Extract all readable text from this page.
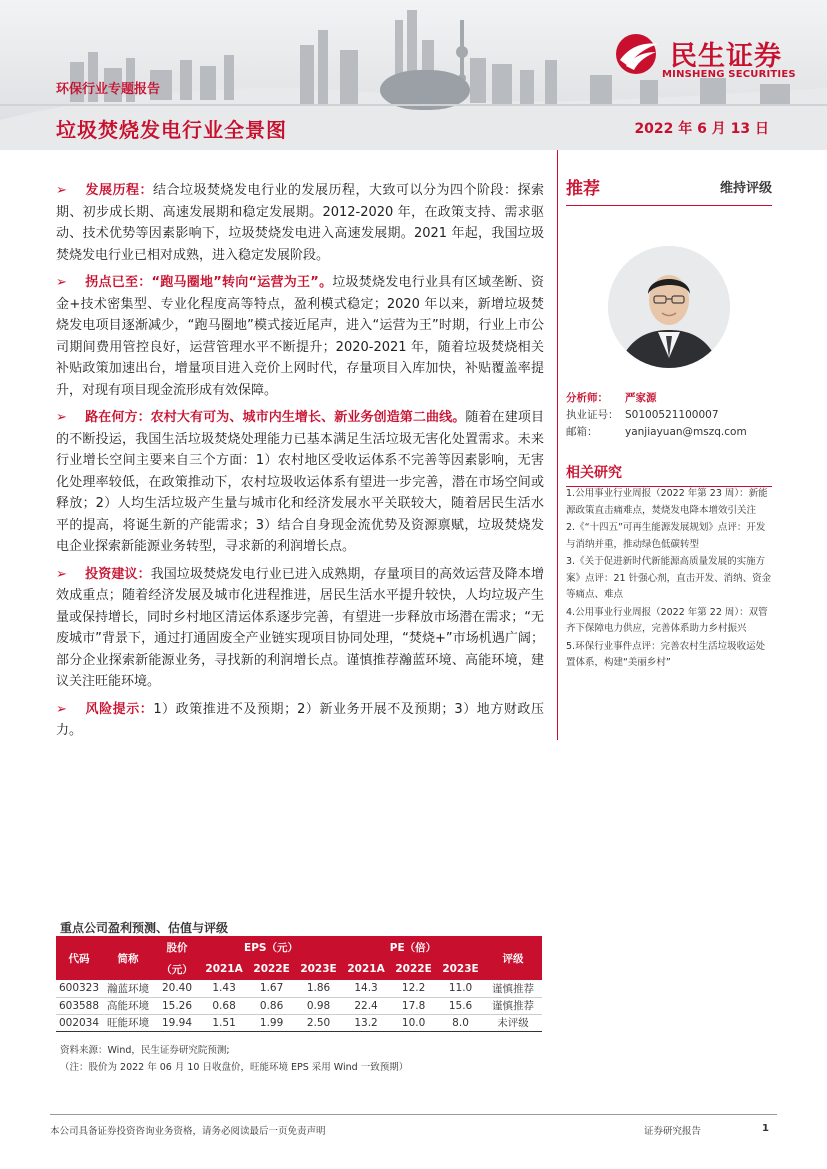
民生证券
MINSHENG SECURITIES
环保行业专题报告
垃圾焚烧发电行业全景图	2022 年 6 月 13 日

➢ 发展历程：结合垃圾焚烧发电行业的发展历程，大致可以分为四个阶段：探索期、初步成长期、高速发展期和稳定发展期。2012-2020 年，在政策支持、需求驱动、技术优势等因素影响下，垃圾焚烧发电进入高速发展期。2021 年起，我国垃圾焚烧发电行业已相对成熟，进入稳定发展阶段。

➢ 拐点已至：“跑马圈地”转向“运营为王”。垃圾焚烧发电行业具有区域垄断、资金+技术密集型、专业化程度高等特点，盈利模式稳定；2020 年以来，新增垃圾焚烧发电项目逐渐减少，“跑马圈地”模式接近尾声，进入“运营为王”时期，行业上市公司期间费用管控良好，运营管理水平不断提升；2020-2021 年，随着垃圾焚烧相关补贴政策加速出台，增量项目进入竞价上网时代，存量项目入库加快，补贴覆盖率提升，对现有项目现金流形成有效保障。

➢ 路在何方：农村大有可为、城市内生增长、新业务创造第二曲线。随着在建项目的不断投运，我国生活垃圾焚烧处理能力已基本满足生活垃圾无害化处置需求。未来行业增长空间主要来自三个方面：1）农村地区受收运体系不完善等因素影响，无害化处理率较低，在政策推动下，农村垃圾收运体系有望进一步完善，潜在市场空间或释放；2）人均生活垃圾产生量与城市化和经济发展水平关联较大，随着居民生活水平的提高，将诞生新的产能需求；3）结合自身现金流优势及资源禀赋，垃圾焚烧发电企业探索新能源业务转型，寻求新的利润增长点。

➢ 投资建议：我国垃圾焚烧发电行业已进入成熟期，存量项目的高效运营及降本增效成重点；随着经济发展及城市化进程推进，居民生活水平提升较快，人均垃圾产生量或保持增长，同时乡村地区清运体系逐步完善，有望进一步释放市场潜在需求；“无废城市”背景下，通过打通固废全产业链实现项目协同处理，“焚烧+”市场机遇广阔；部分企业探索新能源业务，寻找新的利润增长点。谨慎推荐瀚蓝环境、高能环境，建议关注旺能环境。

➢ 风险提示：1）政策推进不及预期；2）新业务开展不及预期；3）地方财政压力。

推荐	维持评级
分析师： 严家源
执业证号： S0100521100007
邮箱：	yanjiayuan@mszq.com
相关研究
1.公用事业行业周报（2022 年第 23 周）：新能源政策直击痛难点，焚烧发电降本增效引关注
2.《“十四五”可再生能源发展规划》点评：开发与消纳并重，推动绿色低碳转型
3.《关于促进新时代新能源高质量发展的实施方案》点评：21 针强心剂，直击开发、消纳、资金等痛点、难点
4.公用事业行业周报（2022 年第 22 周）：双管齐下保障电力供应，完善体系助力乡村振兴
5.环保行业事件点评：完善农村生活垃圾收运处置体系，构建“美丽乡村”
重点公司盈利预测、估值与评级
代码	简称	股价	EPS（元）			PE（倍）			评级
		（元）	2021A	2022E	2023E	2021A	2022E	2023E	
600323	瀚蓝环境	20.40	1.43	1.67	1.86	14.3	12.2	11.0	谨慎推荐
603588	高能环境	15.26	0.68	0.86	0.98	22.4	17.8	15.6	谨慎推荐
002034	旺能环境	19.94	1.51	1.99	2.50	13.2	10.0	8.0	未评级
资料来源：Wind，民生证券研究院预测;
（注：股价为 2022 年 06 月 10 日收盘价，旺能环境 EPS 采用 Wind 一致预期）
本公司具备证券投资咨询业务资格，请务必阅读最后一页免责声明	证券研究报告	1
